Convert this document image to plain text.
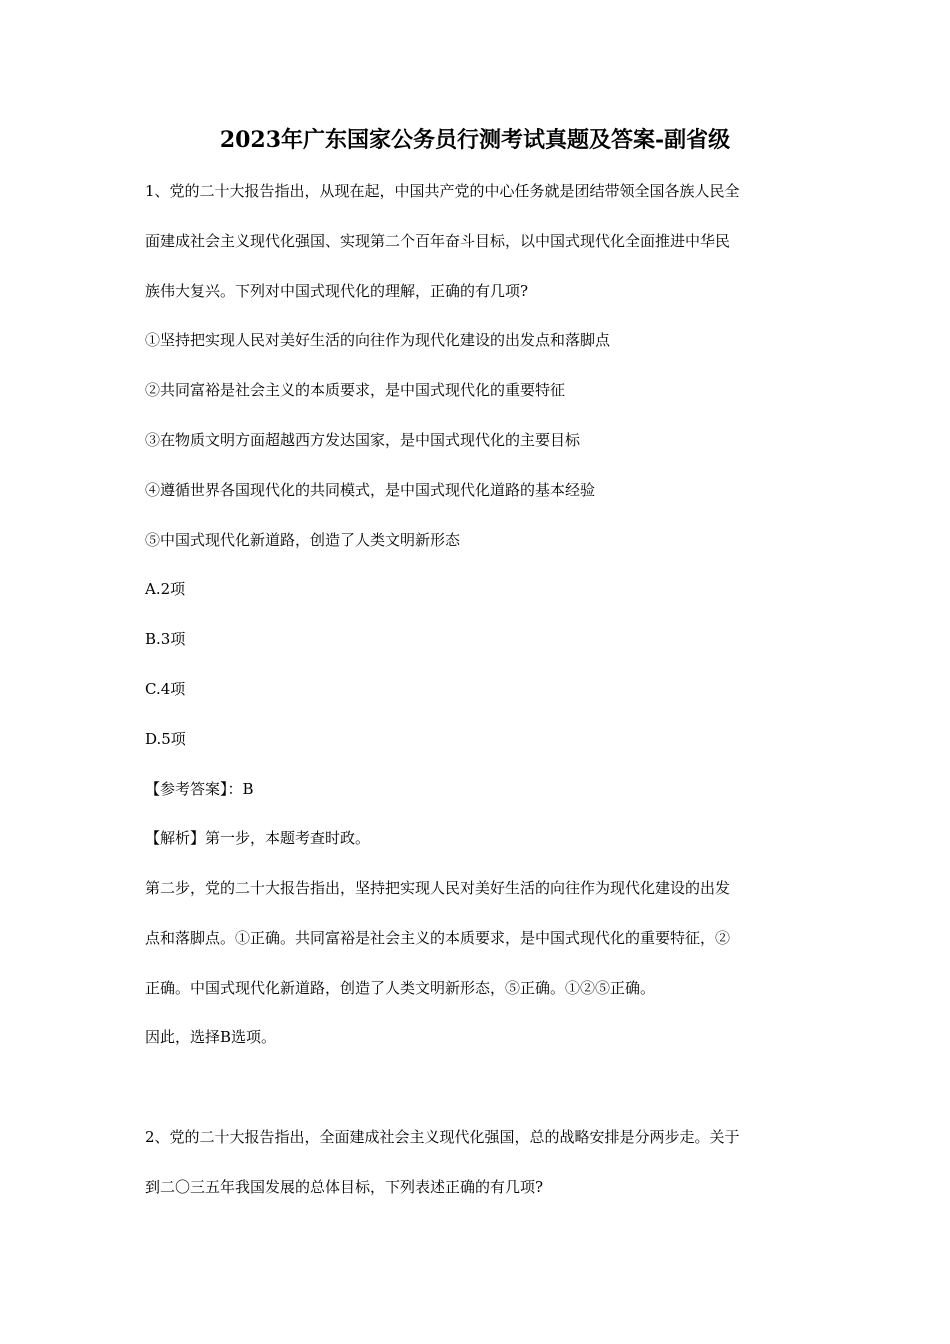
2023年广东国家公务员行测考试真题及答案-副省级
1、党的二十大报告指出，从现在起，中国共产党的中心任务就是团结带领全国各族人民全
面建成社会主义现代化强国、实现第二个百年奋斗目标，以中国式现代化全面推进中华民
族伟大复兴。下列对中国式现代化的理解，正确的有几项?
①坚持把实现人民对美好生活的向往作为现代化建设的出发点和落脚点
②共同富裕是社会主义的本质要求，是中国式现代化的重要特征
③在物质文明方面超越西方发达国家，是中国式现代化的主要目标
④遵循世界各国现代化的共同模式，是中国式现代化道路的基本经验
⑤中国式现代化新道路，创造了人类文明新形态
A.2项
B.3项
C.4项
D.5项
【参考答案】：B
【解析】第一步，本题考查时政。
第二步，党的二十大报告指出，坚持把实现人民对美好生活的向往作为现代化建设的出发
点和落脚点。①正确。共同富裕是社会主义的本质要求，是中国式现代化的重要特征，②
正确。中国式现代化新道路，创造了人类文明新形态，⑤正确。①②⑤正确。
因此，选择B选项。
2、党的二十大报告指出，全面建成社会主义现代化强国，总的战略安排是分两步走。关于
到二〇三五年我国发展的总体目标，下列表述正确的有几项?
